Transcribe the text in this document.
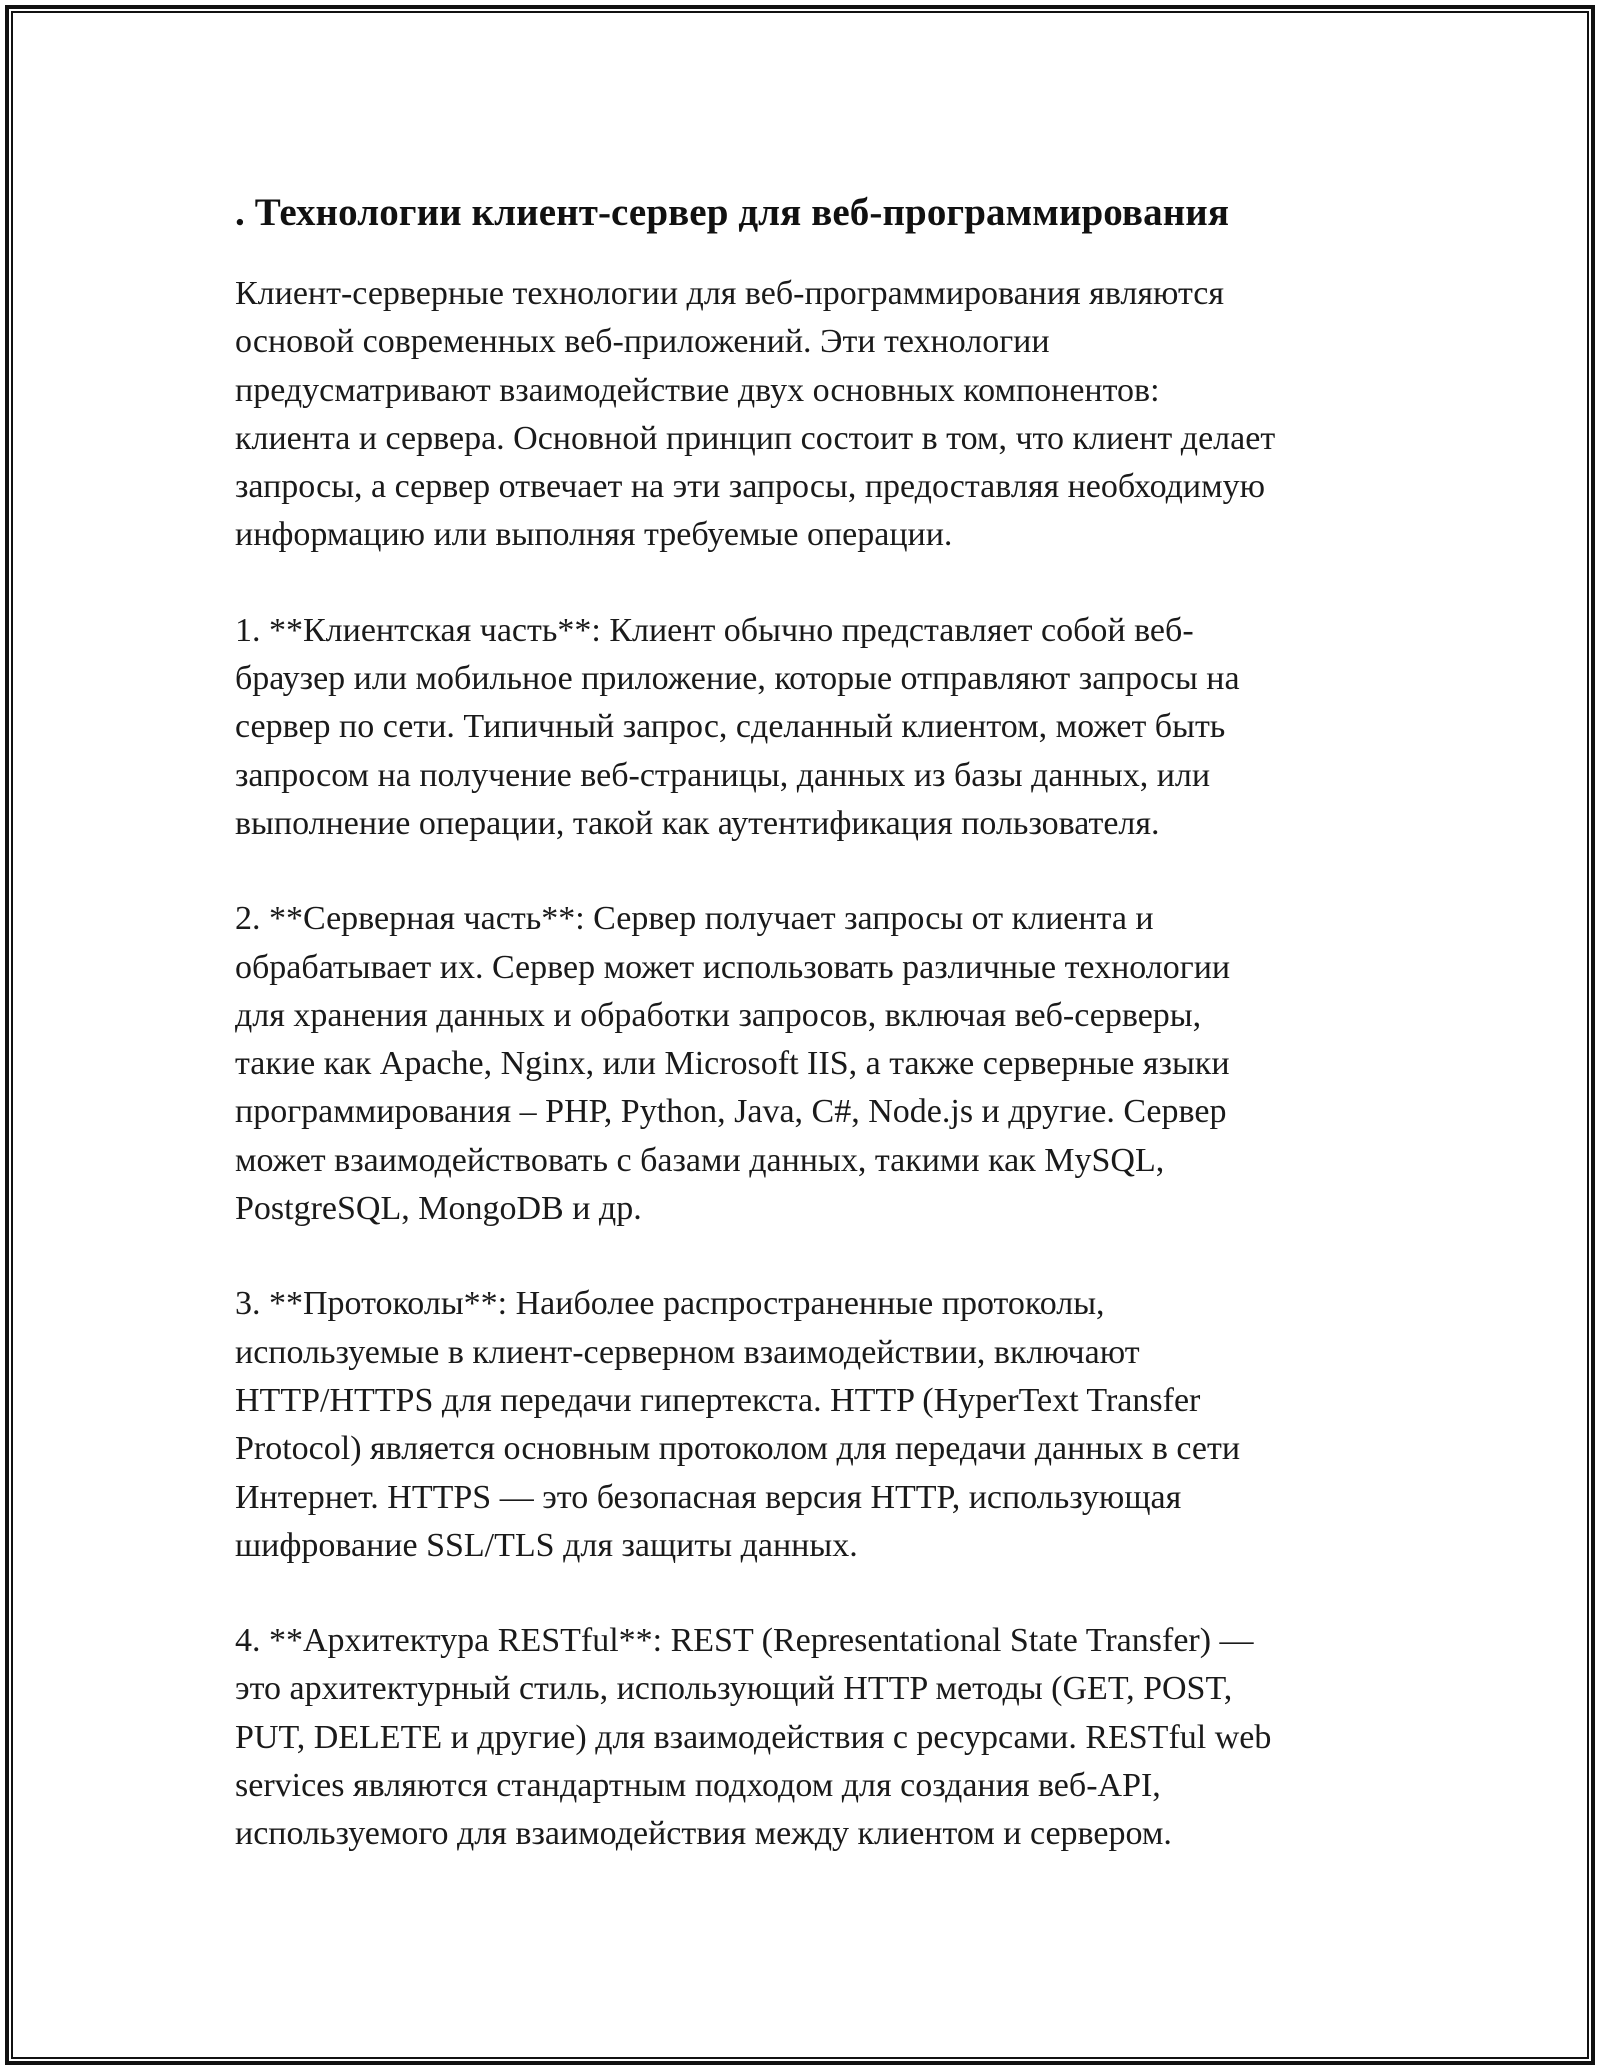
. Технологии клиент-сервер для веб-программирования

Клиент-серверные технологии для веб-программирования являются
основой современных веб-приложений. Эти технологии
предусматривают взаимодействие двух основных компонентов:
клиента и сервера. Основной принцип состоит в том, что клиент делает
запросы, а сервер отвечает на эти запросы, предоставляя необходимую
информацию или выполняя требуемые операции.

1. **Клиентская часть**: Клиент обычно представляет собой веб-
браузер или мобильное приложение, которые отправляют запросы на
сервер по сети. Типичный запрос, сделанный клиентом, может быть
запросом на получение веб-страницы, данных из базы данных, или
выполнение операции, такой как аутентификация пользователя.

2. **Серверная часть**: Сервер получает запросы от клиента и
обрабатывает их. Сервер может использовать различные технологии
для хранения данных и обработки запросов, включая веб-серверы,
такие как Apache, Nginx, или Microsoft IIS, а также серверные языки
программирования – PHP, Python, Java, C#, Node.js и другие. Сервер
может взаимодействовать с базами данных, такими как MySQL,
PostgreSQL, MongoDB и др.

3. **Протоколы**: Наиболее распространенные протоколы,
используемые в клиент-серверном взаимодействии, включают
HTTP/HTTPS для передачи гипертекста. HTTP (HyperText Transfer
Protocol) является основным протоколом для передачи данных в сети
Интернет. HTTPS — это безопасная версия HTTP, использующая
шифрование SSL/TLS для защиты данных.

4. **Архитектура RESTful**: REST (Representational State Transfer) —
это архитектурный стиль, использующий HTTP методы (GET, POST,
PUT, DELETE и другие) для взаимодействия с ресурсами. RESTful web
services являются стандартным подходом для создания веб-API,
используемого для взаимодействия между клиентом и сервером.
